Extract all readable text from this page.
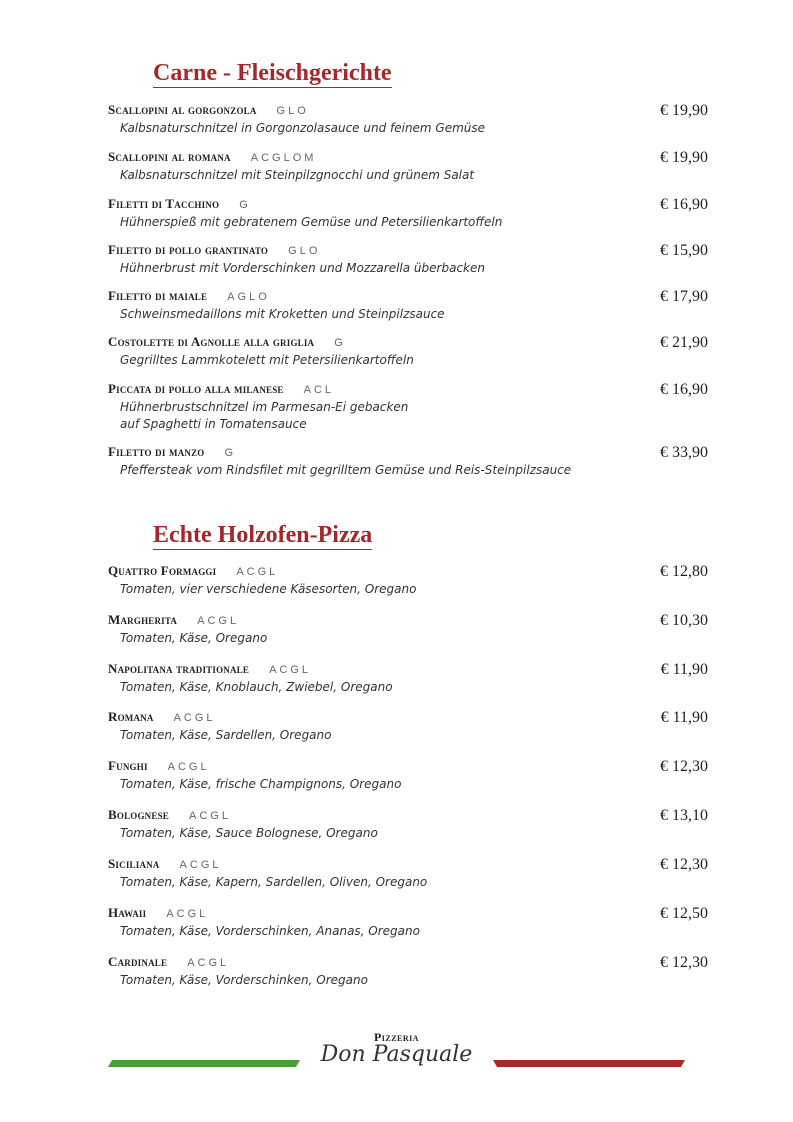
Carne - Fleischgerichte
Scallopini al gorgonzola GLO	€ 19,90
Kalbsnaturschnitzel in Gorgonzolasauce und feinem Gemüse
Scallopini al romana ACGLOM	€ 19,90
Kalbsnaturschnitzel mit Steinpilzgnocchi und grünem Salat
Filetti di Tacchino G	€ 16,90
Hühnerspieß mit gebratenem Gemüse und Petersilienkartoffeln
Filetto di pollo grantinato GLO	€ 15,90
Hühnerbrust mit Vorderschinken und Mozzarella überbacken
Filetto di maiale AGLO	€ 17,90
Schweinsmedaillons mit Kroketten und Steinpilzsauce
Costolette di Agnolle alla griglia G	€ 21,90
Gegrilltes Lammkotelett mit Petersilienkartoffeln
Piccata di pollo alla milanese ACL	€ 16,90
Hühnerbrustschnitzel im Parmesan-Ei gebacken
auf Spaghetti in Tomatensauce
Filetto di manzo G	€ 33,90
Pfeffersteak vom Rindsfilet mit gegrilltem Gemüse und Reis-Steinpilzsauce
Echte Holzofen-Pizza
Quattro Formaggi ACGL	€ 12,80
Tomaten, vier verschiedene Käsesorten, Oregano
Margherita ACGL	€ 10,30
Tomaten, Käse, Oregano
Napolitana traditionale ACGL	€ 11,90
Tomaten, Käse, Knoblauch, Zwiebel, Oregano
Romana ACGL	€ 11,90
Tomaten, Käse, Sardellen, Oregano
Funghi ACGL	€ 12,30
Tomaten, Käse, frische Champignons, Oregano
Bolognese ACGL	€ 13,10
Tomaten, Käse, Sauce Bolognese, Oregano
Siciliana ACGL	€ 12,30
Tomaten, Käse, Kapern, Sardellen, Oliven, Oregano
Hawaii ACGL	€ 12,50
Tomaten, Käse, Vorderschinken, Ananas, Oregano
Cardinale ACGL	€ 12,30
Tomaten, Käse, Vorderschinken, Oregano
Pizzeria
Don Pasquale
